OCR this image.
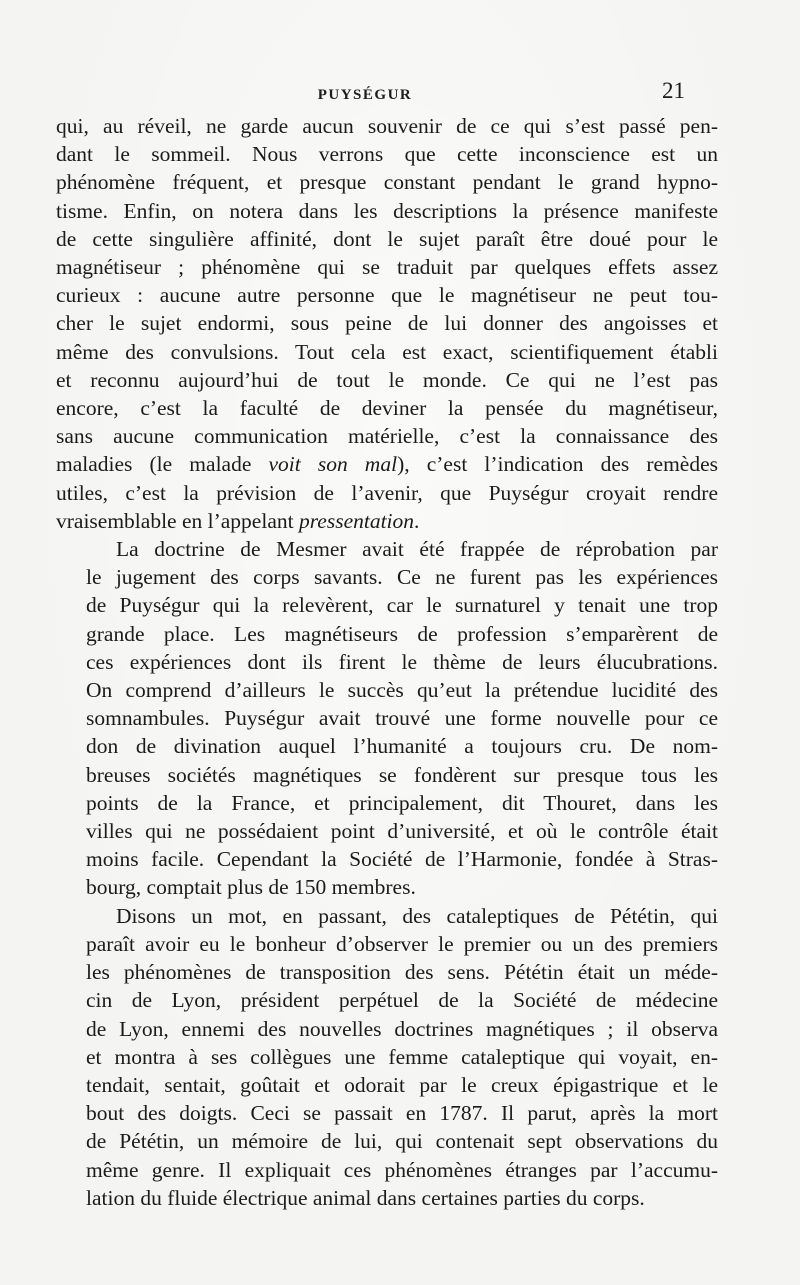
PUYSÉGUR	21

qui, au réveil, ne garde aucun souvenir de ce qui s’est passé pen-
dant le sommeil. Nous verrons que cette inconscience est un
phénomène fréquent, et presque constant pendant le grand hypno-
tisme. Enfin, on notera dans les descriptions la présence manifeste
de cette singulière affinité, dont le sujet paraît être doué pour le
magnétiseur ; phénomène qui se traduit par quelques effets assez
curieux : aucune autre personne que le magnétiseur ne peut tou-
cher le sujet endormi, sous peine de lui donner des angoisses et
même des convulsions. Tout cela est exact, scientifiquement établi
et reconnu aujourd’hui de tout le monde. Ce qui ne l’est pas
encore, c’est la faculté de deviner la pensée du magnétiseur,
sans aucune communication matérielle, c’est la connaissance des
maladies (le malade voit son mal), c’est l’indication des remèdes
utiles, c’est la prévision de l’avenir, que Puységur croyait rendre
vraisemblable en l’appelant pressentation.

La doctrine de Mesmer avait été frappée de réprobation par
le jugement des corps savants. Ce ne furent pas les expériences
de Puységur qui la relevèrent, car le surnaturel y tenait une trop
grande place. Les magnétiseurs de profession s’emparèrent de
ces expériences dont ils firent le thème de leurs élucubrations.
On comprend d’ailleurs le succès qu’eut la prétendue lucidité des
somnambules. Puységur avait trouvé une forme nouvelle pour ce
don de divination auquel l’humanité a toujours cru. De nom-
breuses sociétés magnétiques se fondèrent sur presque tous les
points de la France, et principalement, dit Thouret, dans les
villes qui ne possédaient point d’université, et où le contrôle était
moins facile. Cependant la Société de l’Harmonie, fondée à Stras-
bourg, comptait plus de 150 membres.

Disons un mot, en passant, des cataleptiques de Pététin, qui
paraît avoir eu le bonheur d’observer le premier ou un des premiers
les phénomènes de transposition des sens. Pététin était un méde-
cin de Lyon, président perpétuel de la Société de médecine
de Lyon, ennemi des nouvelles doctrines magnétiques ; il observa
et montra à ses collègues une femme cataleptique qui voyait, en-
tendait, sentait, goûtait et odorait par le creux épigastrique et le
bout des doigts. Ceci se passait en 1787. Il parut, après la mort
de Pététin, un mémoire de lui, qui contenait sept observations du
même genre. Il expliquait ces phénomènes étranges par l’accumu-
lation du fluide électrique animal dans certaines parties du corps.
